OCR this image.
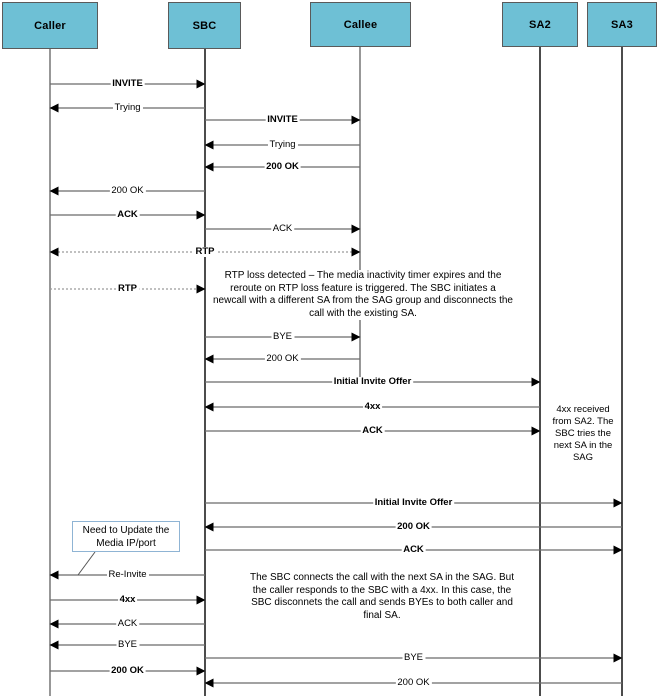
Caller	SBC	Callee	SA2	SA3
INVITE
Trying
INVITE
Trying
200 OK
200 OK
ACK
ACK
RTP
RTP
BYE
200 OK
Initial Invite Offer
4xx
ACK
Initial Invite Offer
200 OK
ACK
Re-Invite
4xx
ACK
BYE
BYE
200 OK
200 OK
RTP loss detected – The media inactivity timer expires and the reroute on RTP loss feature is triggered. The SBC initiates a newcall with a different SA from the SAG group and disconnects the call with the existing SA.
The SBC connects the call with the next SA in the SAG. But the caller responds to the SBC with a 4xx. In this case, the SBC disconnets the call and sends BYEs to both caller and final SA.
4xx received from SA2. The SBC tries the next SA in the SAG
Need to Update the Media IP/port
